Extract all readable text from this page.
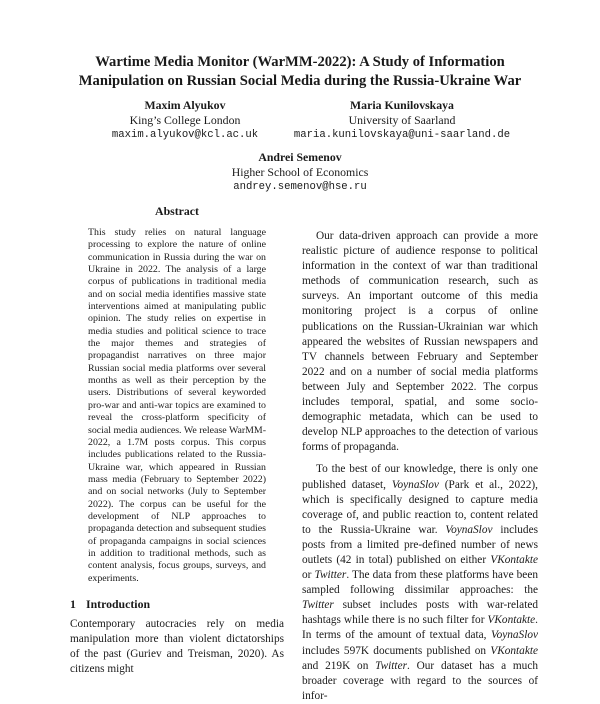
Wartime Media Monitor (WarMM-2022): A Study of Information
Manipulation on Russian Social Media during the Russia-Ukraine War
Maxim Alyukov
King’s College London
maxim.alyukov@kcl.ac.uk
Maria Kunilovskaya
University of Saarland
maria.kunilovskaya@uni-saarland.de
Andrei Semenov
Higher School of Economics
andrey.semenov@hse.ru
Abstract
This study relies on natural language processing to explore the nature of online communication in Russia during the war on Ukraine in 2022. The analysis of a large corpus of publications in traditional media and on social media identifies massive state interventions aimed at manipulating public opinion. The study relies on expertise in media studies and political science to trace the major themes and strategies of propagandist narratives on three major Russian social media platforms over several months as well as their perception by the users. Distributions of several keyworded pro-war and anti-war topics are examined to reveal the cross-platform specificity of social media audiences. We release WarMM-2022, a 1.7M posts corpus. This corpus includes publications related to the Russia-Ukraine war, which appeared in Russian mass media (February to September 2022) and on social networks (July to September 2022). The corpus can be useful for the development of NLP approaches to propaganda detection and subsequent studies of propaganda campaigns in social sciences in addition to traditional methods, such as content analysis, focus groups, surveys, and experiments.
1 Introduction
Contemporary autocracies rely on media manipulation more than violent dictatorships of the past (Guriev and Treisman, 2020). As citizens might

Our data-driven approach can provide a more realistic picture of audience response to political information in the context of war than traditional methods of communication research, such as surveys. An important outcome of this media monitoring project is a corpus of online publications on the Russian-Ukrainian war which appeared the websites of Russian newspapers and TV channels between February and September 2022 and on a number of social media platforms between July and September 2022. The corpus includes temporal, spatial, and some socio-demographic metadata, which can be used to develop NLP approaches to the detection of various forms of propaganda.

To the best of our knowledge, there is only one published dataset, VoynaSlov (Park et al., 2022), which is specifically designed to capture media coverage of, and public reaction to, content related to the Russia-Ukraine war. VoynaSlov includes posts from a limited pre-defined number of news outlets (42 in total) published on either VKontakte or Twitter. The data from these platforms have been sampled following dissimilar approaches: the Twitter subset includes posts with war-related hashtags while there is no such filter for VKontakte. In terms of the amount of textual data, VoynaSlov includes 597K documents published on VKontakte and 219K on Twitter. Our dataset has a much broader coverage with regard to the sources of infor-
